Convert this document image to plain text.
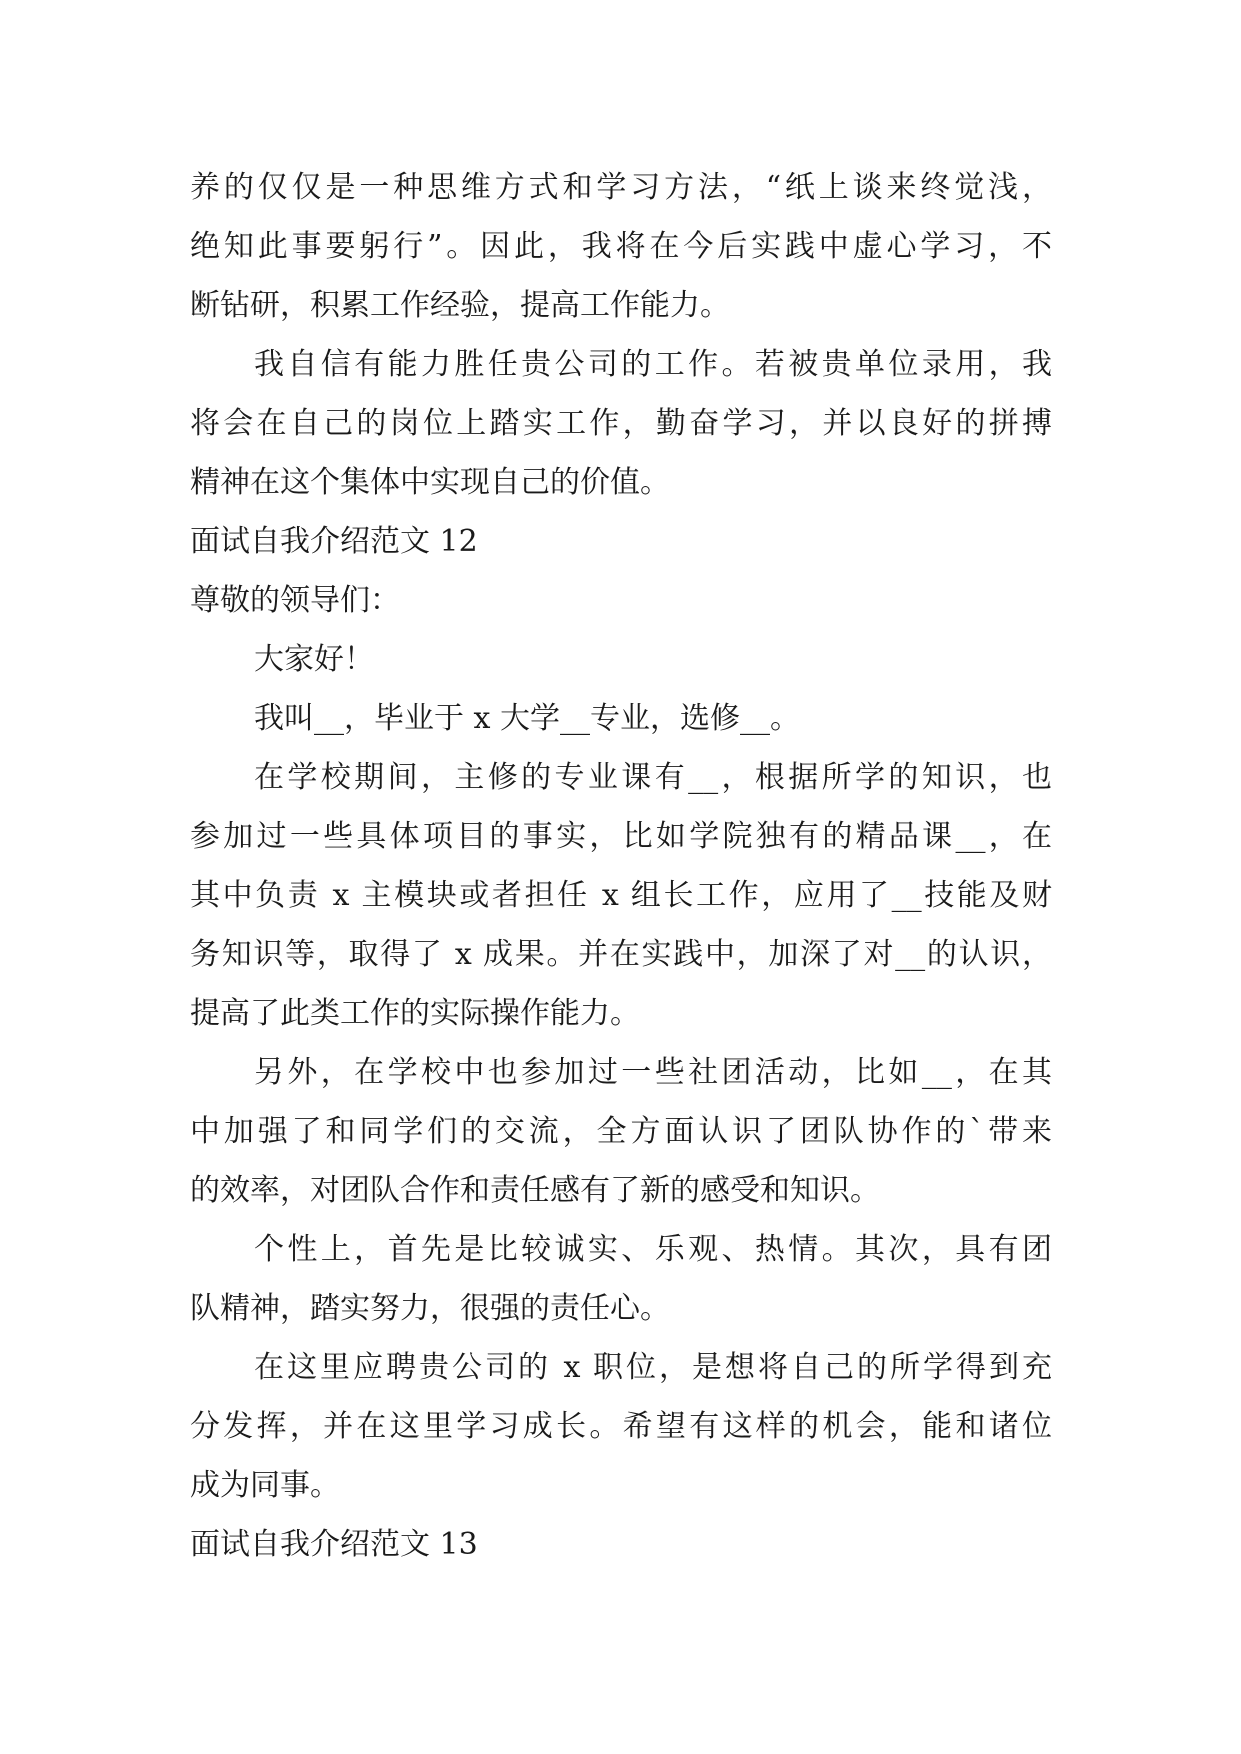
养的仅仅是一种思维方式和学习方法，“纸上谈来终觉浅，
绝知此事要躬行”。因此，我将在今后实践中虚心学习，不
断钻研，积累工作经验，提高工作能力。
我自信有能力胜任贵公司的工作。若被贵单位录用，我
将会在自己的岗位上踏实工作，勤奋学习，并以良好的拼搏
精神在这个集体中实现自己的价值。
面试自我介绍范文 12
尊敬的领导们：
大家好！
我叫__，毕业于 x 大学__专业，选修__。
在学校期间，主修的专业课有__，根据所学的知识，也
参加过一些具体项目的事实，比如学院独有的精品课__，在
其中负责 x 主模块或者担任 x 组长工作，应用了__技能及财
务知识等，取得了 x 成果。并在实践中，加深了对__的认识，
提高了此类工作的实际操作能力。
另外，在学校中也参加过一些社团活动，比如__，在其
中加强了和同学们的交流，全方面认识了团队协作的`带来
的效率，对团队合作和责任感有了新的感受和知识。
个性上，首先是比较诚实、乐观、热情。其次，具有团
队精神，踏实努力，很强的责任心。
在这里应聘贵公司的 x 职位，是想将自己的所学得到充
分发挥，并在这里学习成长。希望有这样的机会，能和诸位
成为同事。
面试自我介绍范文 13
